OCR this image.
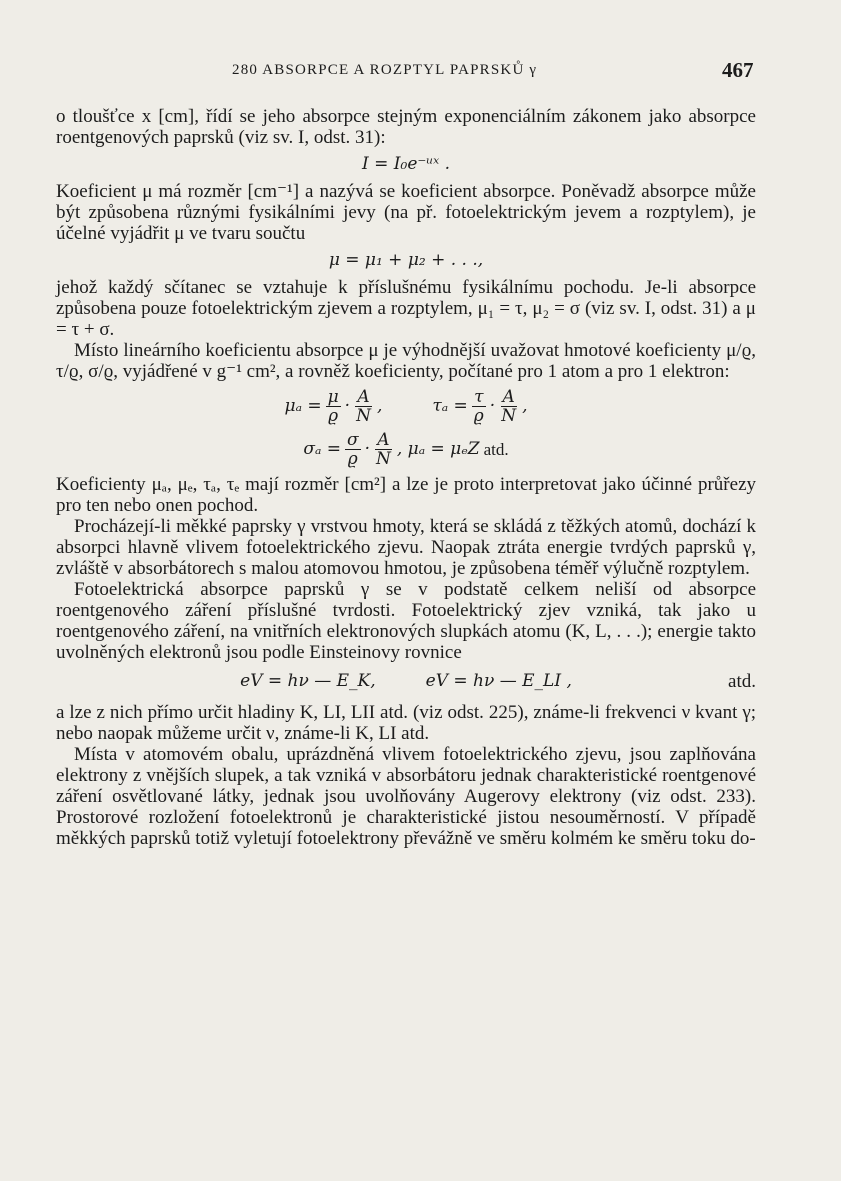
280 ABSORPCE A ROZPTYL PAPRSKŮ γ	467

o tloušťce x [cm], řídí se jeho absorpce stejným exponenciálním zákonem jako absorpce roentgenových paprsků (viz sv. I, odst. 31):

I = I₀e⁻ᵘˣ .

Koeficient μ má rozměr [cm⁻¹] a nazývá se koeficient absorpce. Poněvadž absorpce může být způsobena různými fysikálními jevy (na př. fotoelektrickým jevem a rozptylem), je účelné vyjádřit μ ve tvaru součtu

μ = μ₁ + μ₂ + . . .,

jehož každý sčítanec se vztahuje k příslušnému fysikálnímu pochodu. Je-li absorpce způsobena pouze fotoelektrickým zjevem a rozptylem, μ₁ = τ, μ₂ = σ (viz sv. I, odst. 31) a μ = τ + σ.

Místo lineárního koeficientu absorpce μ je výhodnější uvažovat hmotové koeficienty μ/ϱ, τ/ϱ, σ/ϱ, vyjádřené v g⁻¹ cm², a rovněž koeficienty, počítané pro 1 atom a pro 1 elektron:

$\mu_a = \frac{\mu}{ϱ} \cdot \frac{A}{N}$ ,	$\tau_a = \frac{\tau}{ϱ} \cdot \frac{A}{N}$ ,
$\sigma_a = \frac{\sigma}{ϱ} \cdot \frac{A}{N}$ , μₐ = μₑZ atd.

Koeficienty μₐ, μₑ, τₐ, τₑ mají rozměr [cm²] a lze je proto interpretovat jako účinné průřezy pro ten nebo onen pochod.

Procházejí-li měkké paprsky γ vrstvou hmoty, která se skládá z těžkých atomů, dochází k absorpci hlavně vlivem fotoelektrického zjevu. Naopak ztráta energie tvrdých paprsků γ, zvláště v absorbátorech s malou atomovou hmotou, je způsobena téměř výlučně rozptylem.

Fotoelektrická absorpce paprsků γ se v podstatě celkem neliší od absorpce roentgenového záření příslušné tvrdosti. Fotoelektrický zjev vzniká, tak jako u roentgenového záření, na vnitřních elektronových slupkách atomu (K, L, . . .); energie takto uvolněných elektronů jsou podle Einsteinovy rovnice

eV = hν — E_K,	eV = hν — E_LI ,	atd.

a lze z nich přímo určit hladiny K, LI, LII atd. (viz odst. 225), známe-li frekvenci ν kvant γ; nebo naopak můžeme určit ν, známe-li K, LI atd.

Místa v atomovém obalu, uprázdněná vlivem fotoelektrického zjevu, jsou zaplňována elektrony z vnějších slupek, a tak vzniká v absorbátoru jednak charakteristické roentgenové záření osvětlované látky, jednak jsou uvolňovány Augerovy elektrony (viz odst. 233). Prostorové rozložení fotoelektronů je charakteristické jistou nesouměrností. V případě měkkých paprsků totiž vyletují fotoelektrony převážně ve směru kolmém ke směru toku do-
